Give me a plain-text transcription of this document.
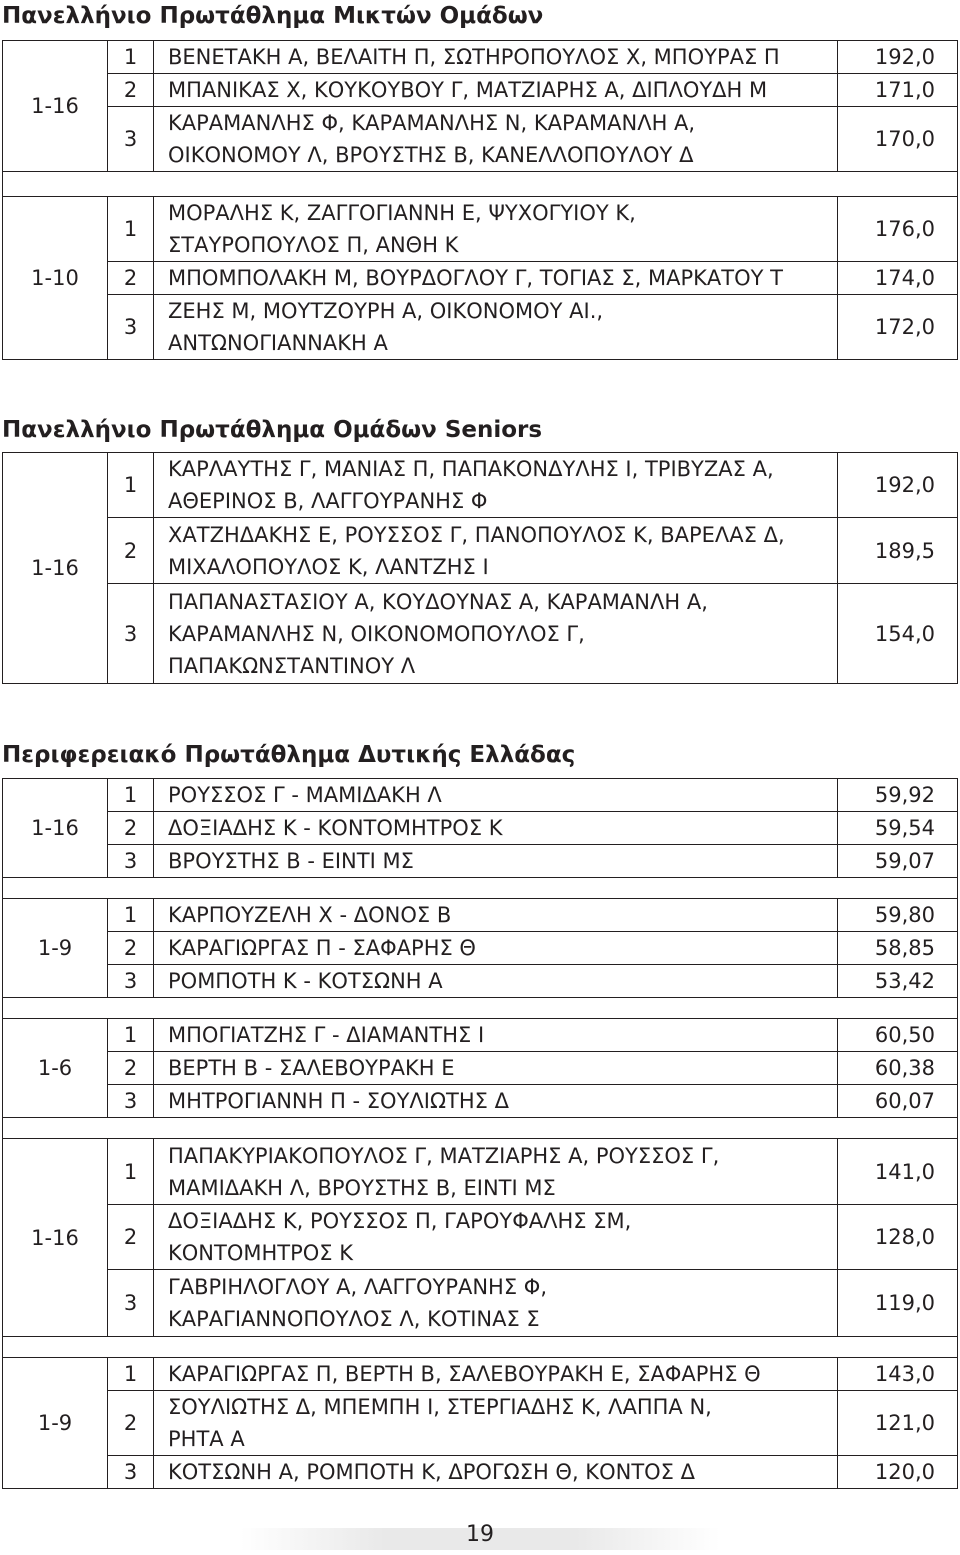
Πανελλήνιο Πρωτάθλημα Μικτών Ομάδων
1-16	1	ΒΕΝΕΤΑΚΗ Α, ΒΕΛΑΙΤΗ Π, ΣΩΤΗΡΟΠΟΥΛΟΣ Χ, ΜΠΟΥΡΑΣ Π	192,0
	2	ΜΠΑΝΙΚΑΣ Χ, ΚΟΥΚΟΥΒΟΥ Γ, ΜΑΤΖΙΑΡΗΣ Α, ΔΙΠΛΟΥΔΗ Μ	171,0
	3	ΚΑΡΑΜΑΝΛΗΣ Φ, ΚΑΡΑΜΑΝΛΗΣ Ν, ΚΑΡΑΜΑΝΛΗ Α,
ΟΙΚΟΝΟΜΟΥ Λ, ΒΡΟΥΣΤΗΣ Β, ΚΑΝΕΛΛΟΠΟΥΛΟΥ Δ	170,0

1-10	1	ΜΟΡΑΛΗΣ Κ, ΖΑΓΓΟΓΙΑΝΝΗ Ε, ΨΥΧΟΓΥΙΟΥ Κ,
ΣΤΑΥΡΟΠΟΥΛΟΣ Π, ΑΝΘΗ Κ	176,0
	2	ΜΠΟΜΠΟΛΑΚΗ Μ, ΒΟΥΡΔΟΓΛΟΥ Γ, ΤΟΓΙΑΣ Σ, ΜΑΡΚΑΤΟΥ Τ	174,0
	3	ΖΕΗΣ Μ, ΜΟΥΤΖΟΥΡΗ Α, ΟΙΚΟΝΟΜΟΥ ΑΙ.,
ΑΝΤΩΝΟΓΙΑΝΝΑΚΗ Α	172,0
Πανελλήνιο Πρωτάθλημα Ομάδων Seniors
1-16	1	ΚΑΡΛΑΥΤΗΣ Γ, ΜΑΝΙΑΣ Π, ΠΑΠΑΚΟΝΔΥΛΗΣ Ι, ΤΡΙΒΥΖΑΣ Α,
ΑΘΕΡΙΝΟΣ Β, ΛΑΓΓΟΥΡΑΝΗΣ Φ	192,0
	2	ΧΑΤΖΗΔΑΚΗΣ Ε, ΡΟΥΣΣΟΣ Γ, ΠΑΝΟΠΟΥΛΟΣ Κ, ΒΑΡΕΛΑΣ Δ,
ΜΙΧΑΛΟΠΟΥΛΟΣ Κ, ΛΑΝΤΖΗΣ Ι	189,5
	3	ΠΑΠΑΝΑΣΤΑΣΙΟΥ Α, ΚΟΥΔΟΥΝΑΣ Α, ΚΑΡΑΜΑΝΛΗ Α,
ΚΑΡΑΜΑΝΛΗΣ Ν, ΟΙΚΟΝΟΜΟΠΟΥΛΟΣ Γ,
ΠΑΠΑΚΩΝΣΤΑΝΤΙΝΟΥ Λ	154,0
Περιφερειακό Πρωτάθλημα Δυτικής Ελλάδας
1-16	1	ΡΟΥΣΣΟΣ Γ - ΜΑΜΙΔΑΚΗ Λ	59,92
	2	ΔΟΞΙΑΔΗΣ Κ - ΚΟΝΤΟΜΗΤΡΟΣ Κ	59,54
	3	ΒΡΟΥΣΤΗΣ Β - ΕΙΝΤΙ ΜΣ	59,07

1-9	1	ΚΑΡΠΟΥΖΕΛΗ Χ - ΔΟΝΟΣ Β	59,80
	2	ΚΑΡΑΓΙΩΡΓΑΣ Π - ΣΑΦΑΡΗΣ Θ	58,85
	3	ΡΟΜΠΟΤΗ Κ - ΚΟΤΣΩΝΗ Α	53,42

1-6	1	ΜΠΟΓΙΑΤΖΗΣ Γ - ΔΙΑΜΑΝΤΗΣ Ι	60,50
	2	ΒΕΡΤΗ Β - ΣΑΛΕΒΟΥΡΑΚΗ Ε	60,38
	3	ΜΗΤΡΟΓΙΑΝΝΗ Π - ΣΟΥΛΙΩΤΗΣ Δ	60,07

1-16	1	ΠΑΠΑΚΥΡΙΑΚΟΠΟΥΛΟΣ Γ, ΜΑΤΖΙΑΡΗΣ Α, ΡΟΥΣΣΟΣ Γ,
ΜΑΜΙΔΑΚΗ Λ, ΒΡΟΥΣΤΗΣ Β, ΕΙΝΤΙ ΜΣ	141,0
	2	ΔΟΞΙΑΔΗΣ Κ, ΡΟΥΣΣΟΣ Π, ΓΑΡΟΥΦΑΛΗΣ ΣΜ,
ΚΟΝΤΟΜΗΤΡΟΣ Κ	128,0
	3	ΓΑΒΡΙΗΛΟΓΛΟΥ Α, ΛΑΓΓΟΥΡΑΝΗΣ Φ,
ΚΑΡΑΓΙΑΝΝΟΠΟΥΛΟΣ Λ, ΚΟΤΙΝΑΣ Σ	119,0

1-9	1	ΚΑΡΑΓΙΩΡΓΑΣ Π, ΒΕΡΤΗ Β, ΣΑΛΕΒΟΥΡΑΚΗ Ε, ΣΑΦΑΡΗΣ Θ	143,0
	2	ΣΟΥΛΙΩΤΗΣ Δ, ΜΠΕΜΠΗ Ι, ΣΤΕΡΓΙΑΔΗΣ Κ, ΛΑΠΠΑ Ν,
ΡΗΤΑ Α	121,0
	3	ΚΟΤΣΩΝΗ Α, ΡΟΜΠΟΤΗ Κ, ΔΡΟΓΩΣΗ Θ, ΚΟΝΤΟΣ Δ	120,0
19
